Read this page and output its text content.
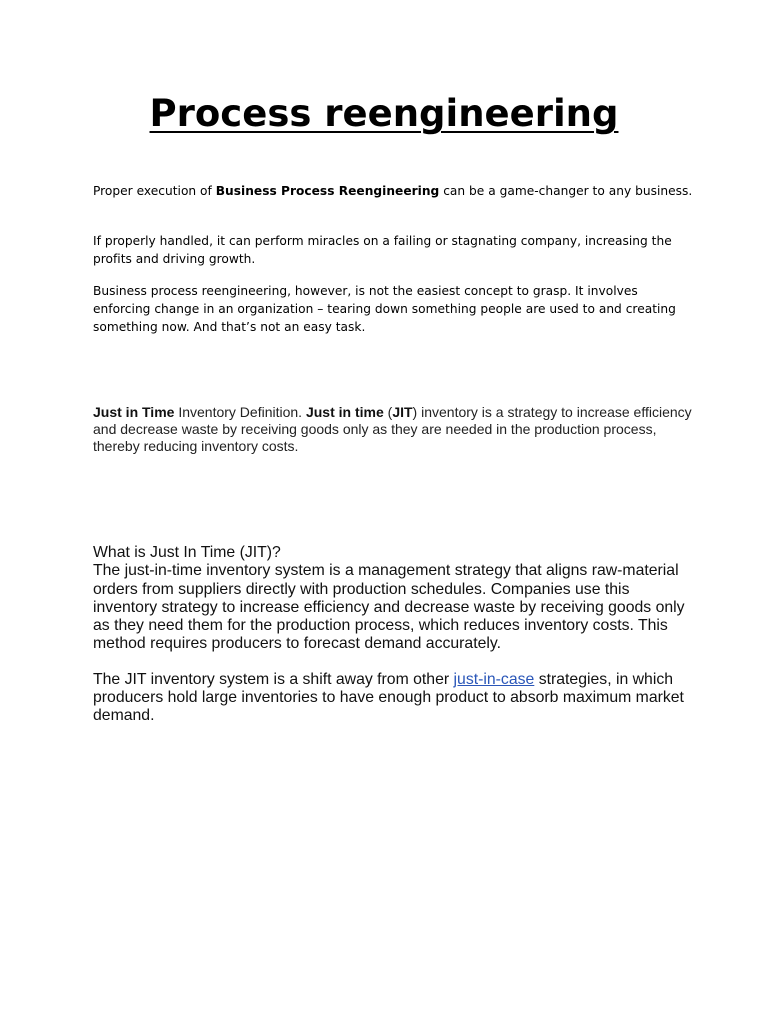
Process reengineering
Proper execution of Business Process Reengineering can be a game-changer to any business.
If properly handled, it can perform miracles on a failing or stagnating company, increasing the profits and driving growth.
Business process reengineering, however, is not the easiest concept to grasp. It involves enforcing change in an organization – tearing down something people are used to and creating something now. And that’s not an easy task.
Just in Time Inventory Definition. Just in time (JIT) inventory is a strategy to increase efficiency and decrease waste by receiving goods only as they are needed in the production process, thereby reducing inventory costs.
What is Just In Time (JIT)?
The just-in-time inventory system is a management strategy that aligns raw-material orders from suppliers directly with production schedules. Companies use this inventory strategy to increase efficiency and decrease waste by receiving goods only as they need them for the production process, which reduces inventory costs. This method requires producers to forecast demand accurately.
The JIT inventory system is a shift away from other just-in-case strategies, in which producers hold large inventories to have enough product to absorb maximum market demand.
